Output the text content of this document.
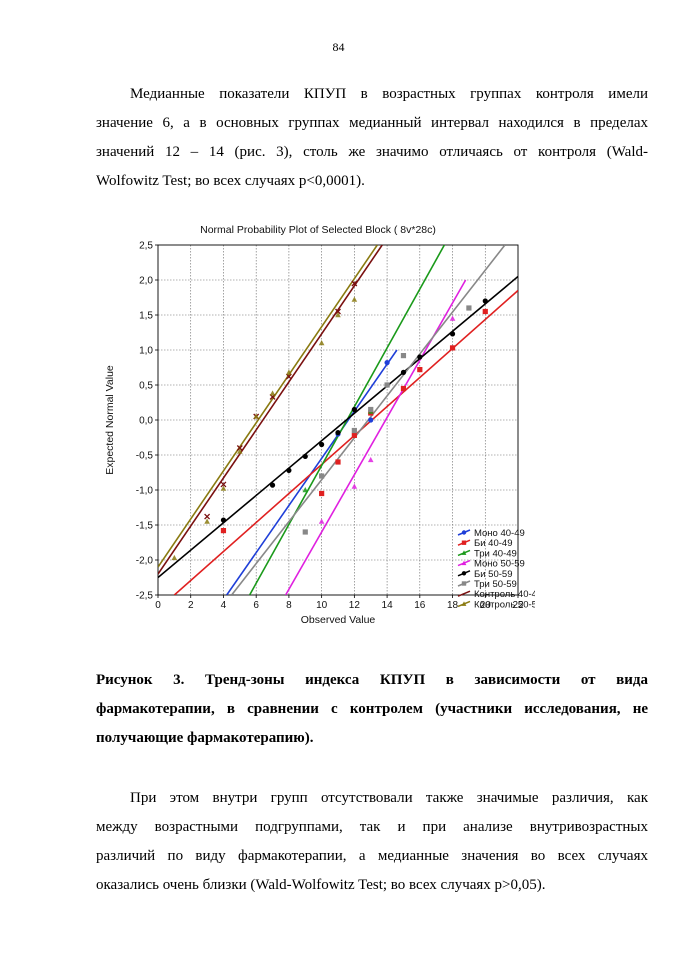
84

Медианные показатели КПУП в возрастных группах контроля имели
значение 6, а в основных группах медианный интервал находился в пределах
значений 12 – 14 (рис. 3), столь же значимо отличаясь от контроля (Wald-
Wolfowitz Test; во всех случаях p<0,0001).

Normal Probability Plot of Selected Block ( 8v*28c)
0	2	4	6	8 10 12 14 16 18 20 22
2,5
2,0
1,5
1,0
0,5
0,0
-0,5
-1,0
-1,5
-2,0
-2,5
Observed Value
Expected Normal Value
Моно 40-49
Би 40-49
Три 40-49
Моно 50-59
Би 50-59
Три 50-59
Контроль 40-4
Контроль 50-5

Рисунок 3. Тренд-зоны индекса КПУП в зависимости от вида
фармакотерапии, в сравнении с контролем (участники исследования, не
получающие фармакотерапию).

При этом внутри групп отсутствовали также значимые различия, как
между возрастными подгруппами, так и при анализе внутривозрастных
различий по виду фармакотерапии, а медианные значения во всех случаях
оказались очень близки (Wald-Wolfowitz Test; во всех случаях p>0,05).
